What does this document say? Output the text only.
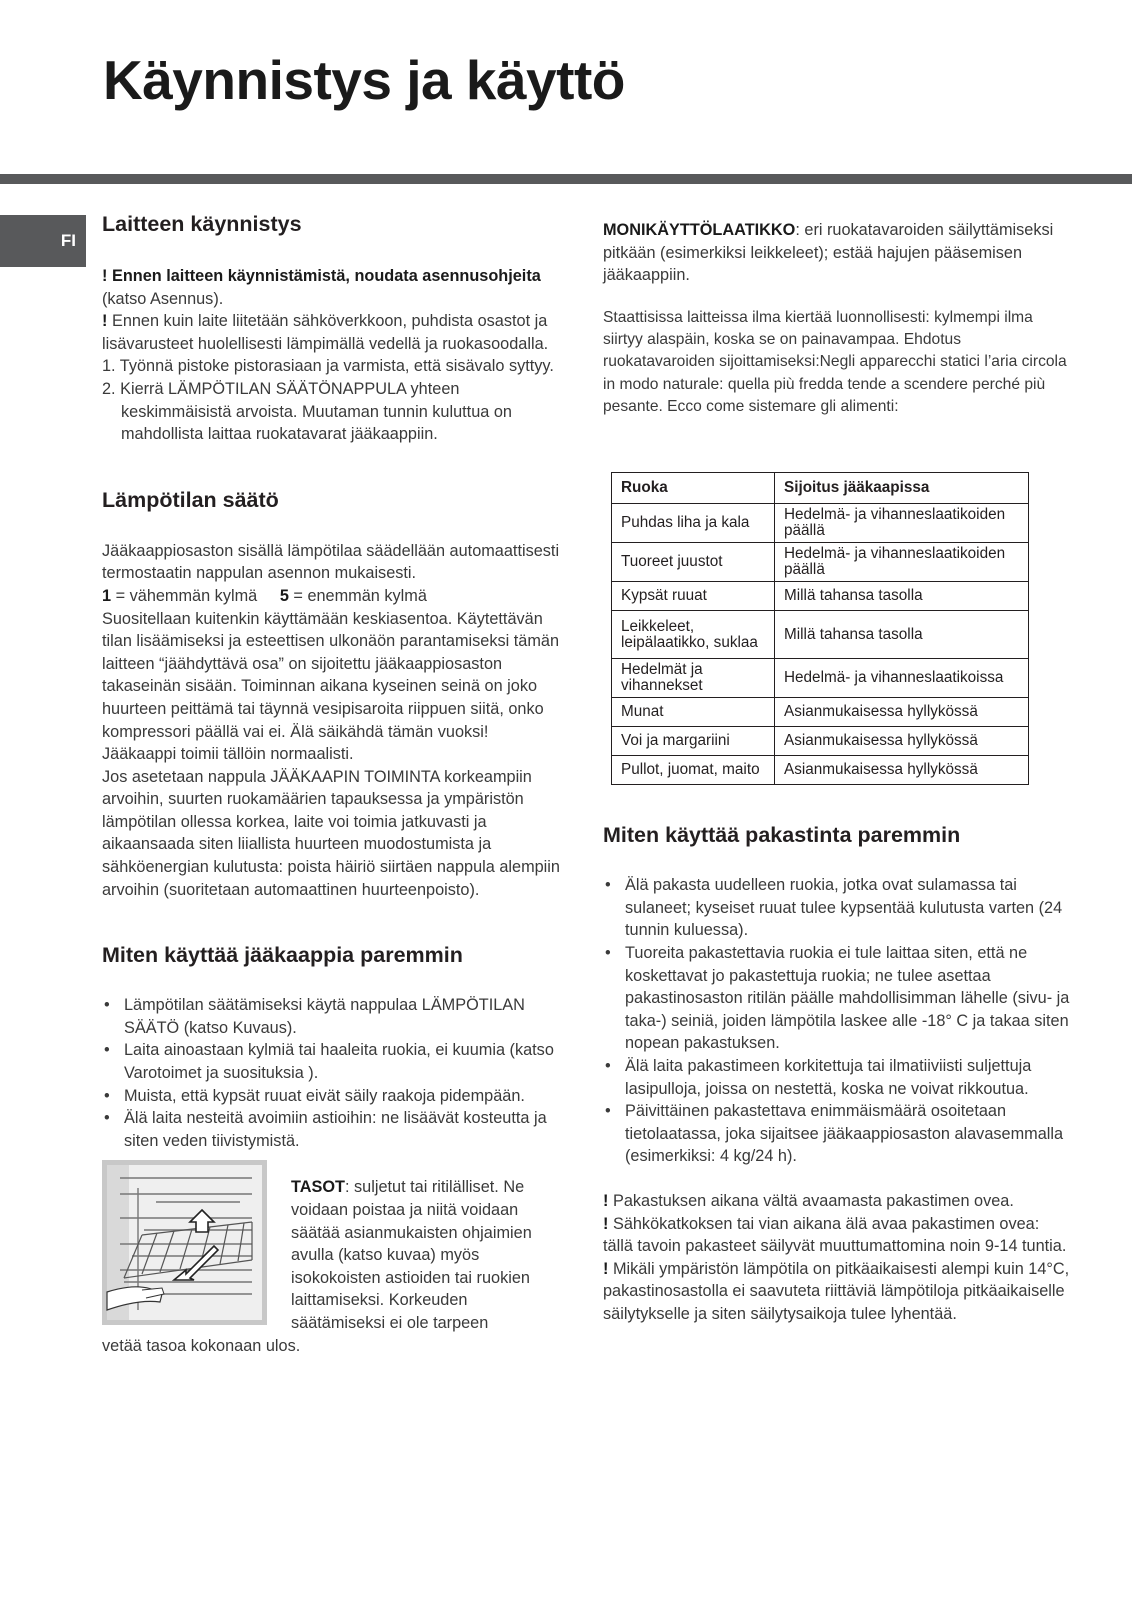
Käynnistys ja käyttö
FI
Laitteen käynnistys

! Ennen laitteen käynnistämistä, noudata asennusohjeita (katso Asennus).

! Ennen kuin laite liitetään sähköverkkoon, puhdista osastot ja lisävarusteet huolellisesti lämpimällä vedellä ja ruokasoodalla.

1. Työnnä pistoke pistorasiaan ja varmista, että sisävalo syttyy.
2. Kierrä LÄMPÖTILAN SÄÄTÖNAPPULA yhteen keskimmäisistä arvoista. Muutaman tunnin kuluttua on mahdollista laittaa ruokatavarat jääkaappiin.
Lämpötilan säätö

Jääkaappiosaston sisällä lämpötilaa säädellään automaattisesti termostaatin nappulan asennon mukaisesti.

1 = vähemmän kylmä 5 = enemmän kylmä

Suositellaan kuitenkin käyttämään keskiasentoa. Käytettävän tilan lisäämiseksi ja esteettisen ulkonäön parantamiseksi tämän laitteen “jäähdyttävä osa” on sijoitettu jääkaappiosaston takaseinän sisään. Toiminnan aikana kyseinen seinä on joko huurteen peittämä tai täynnä vesipisaroita riippuen siitä, onko kompressori päällä vai ei. Älä säikähdä tämän vuoksi! Jääkaappi toimii tällöin normaalisti.

Jos asetetaan nappula JÄÄKAAPIN TOIMINTA korkeampiin arvoihin, suurten ruokamäärien tapauksessa ja ympäristön lämpötilan ollessa korkea, laite voi toimia jatkuvasti ja aikaansaada siten liiallista huurteen muodostumista ja sähköenergian kulutusta: poista häiriö siirtäen nappula alempiin arvoihin (suoritetaan automaattinen huurteenpoisto).

Miten käyttää jääkaappia paremmin
• Lämpötilan säätämiseksi käytä nappulaa LÄMPÖTILAN SÄÄTÖ (katso Kuvaus).
• Laita ainoastaan kylmiä tai haaleita ruokia, ei kuumia (katso Varotoimet ja suosituksia ).
• Muista, että kypsät ruuat eivät säily raakoja pidempään.
• Älä laita nesteitä avoimiin astioihin: ne lisäävät kosteutta ja siten veden tiivistymistä.

TASOT: suljetut tai ritilälliset. Ne voidaan poistaa ja niitä voidaan säätää asianmukaisten ohjaimien avulla (katso kuvaa) myös isokokoisten astioiden tai ruokien laittamiseksi. Korkeuden säätämiseksi ei ole tarpeen

vetää tasoa kokonaan ulos.

MONIKÄYTTÖLAATIKKO: eri ruokatavaroiden säilyttämiseksi pitkään (esimerkiksi leikkeleet); estää hajujen pääsemisen jääkaappiin.

Staattisissa laitteissa ilma kiertää luonnollisesti: kylmempi ilma siirtyy alaspäin, koska se on painavampaa. Ehdotus ruokatavaroiden sijoittamiseksi:Negli apparecchi statici l’aria circola in modo naturale: quella più fredda tende a scendere perché più pesante. Ecco come sistemare gli alimenti:

Ruoka	Sijoitus jääkaapissa
Puhdas liha ja kala	Hedelmä- ja vihanneslaatikoiden päällä
Tuoreet juustot	Hedelmä- ja vihanneslaatikoiden päällä
Kypsät ruuat	Millä tahansa tasolla
Leikkeleet, leipälaatikko, suklaa	Millä tahansa tasolla
Hedelmät ja vihannekset	Hedelmä- ja vihanneslaatikoissa
Munat	Asianmukaisessa hyllykössä
Voi ja margariini	Asianmukaisessa hyllykössä
Pullot, juomat, maito	Asianmukaisessa hyllykössä
Miten käyttää pakastinta paremmin
• Älä pakasta uudelleen ruokia, jotka ovat sulamassa tai sulaneet; kyseiset ruuat tulee kypsentää kulutusta varten (24 tunnin kuluessa).
• Tuoreita pakastettavia ruokia ei tule laittaa siten, että ne koskettavat jo pakastettuja ruokia; ne tulee asettaa pakastinosaston ritilän päälle mahdollisimman lähelle (sivu- ja taka-) seiniä, joiden lämpötila laskee alle -18° C ja takaa siten nopean pakastuksen.
• Älä laita pakastimeen korkitettuja tai ilmatiiviisti suljettuja lasipulloja, joissa on nestettä, koska ne voivat rikkoutua.
• Päivittäinen pakastettava enimmäismäärä osoitetaan tietolaatassa, joka sijaitsee jääkaappiosaston alavasemmalla (esimerkiksi: 4 kg/24 h).

! Pakastuksen aikana vältä avaamasta pakastimen ovea.

! Sähkökatkoksen tai vian aikana älä avaa pakastimen ovea: tällä tavoin pakasteet säilyvät muuttumattomina noin 9-14 tuntia.

! Mikäli ympäristön lämpötila on pitkäaikaisesti alempi kuin 14°C, pakastinosastolla ei saavuteta riittäviä lämpötiloja pitkäaikaiselle säilytykselle ja siten säilytysaikoja tulee lyhentää.
